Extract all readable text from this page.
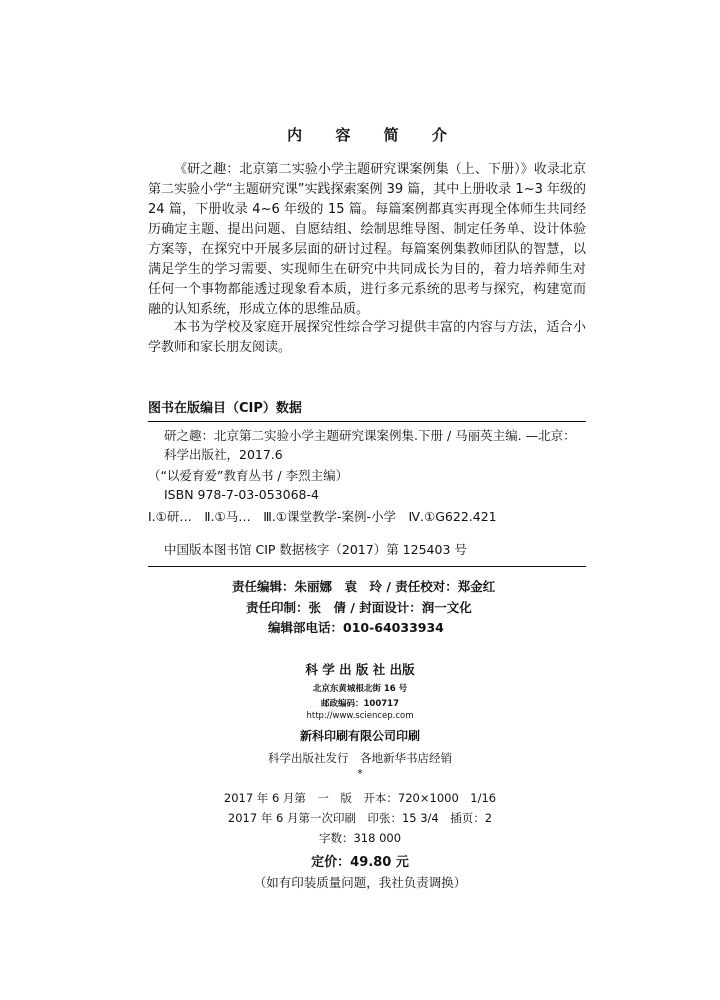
内 容 简 介
《研之趣：北京第二实验小学主题研究课案例集（上、下册）》收录北京第二实验小学“主题研究课”实践探索案例 39 篇，其中上册收录 1~3 年级的 24 篇，下册收录 4~6 年级的 15 篇。每篇案例都真实再现全体师生共同经历确定主题、提出问题、自愿结组、绘制思维导图、制定任务单、设计体验方案等，在探究中开展多层面的研讨过程。每篇案例集教师团队的智慧，以满足学生的学习需要、实现师生在研究中共同成长为目的，着力培养师生对任何一个事物都能透过现象看本质，进行多元系统的思考与探究，构建宽而融的认知系统，形成立体的思维品质。
本书为学校及家庭开展探究性综合学习提供丰富的内容与方法，适合小学教师和家长朋友阅读。
图书在版编目（CIP）数据
研之趣：北京第二实验小学主题研究课案例集.下册 / 马丽英主编. —北京：科学出版社，2017.6
（“以爱育爱”教育丛书 / 李烈主编）
ISBN 978-7-03-053068-4
Ⅰ.①研…　Ⅱ.①马…　Ⅲ.①课堂教学-案例-小学　Ⅳ.①G622.421
中国版本图书馆 CIP 数据核字（2017）第 125403 号
责任编辑：朱丽娜　袁　玲 / 责任校对：郑金红
责任印制：张　倩 / 封面设计：润一文化
编辑部电话：010-64033934
科 学 出 版 社 出版
北京东黄城根北街 16 号
邮政编码：100717
http://www.sciencep.com
新科印刷有限公司印刷
科学出版社发行　各地新华书店经销
*
2017 年 6 月第　一　版　开本：720×1000　1/16
2017 年 6 月第一次印刷　印张：15 3/4　插页：2
字数：318 000
定价：49.80 元
（如有印装质量问题，我社负责调换）
